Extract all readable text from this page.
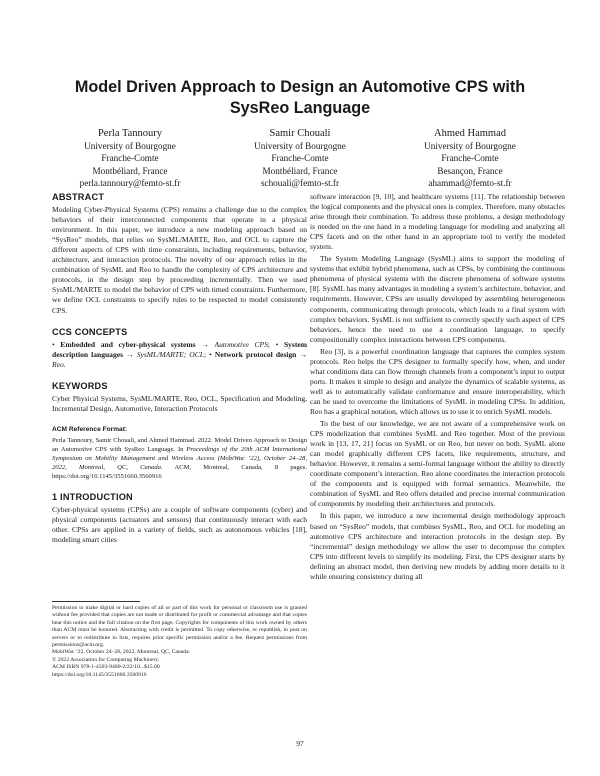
Model Driven Approach to Design an Automotive CPS with
SysReo Language
Perla Tannoury
University of Bourgogne
Franche-Comte
Montbéliard, France
perla.tannoury@femto-st.fr
Samir Chouali
University of Bourgogne
Franche-Comte
Montbéliard, France
schouali@femto-st.fr
Ahmed Hammad
University of Bourgogne
Franche-Comte
Besançon, France
ahammad@femto-st.fr
ABSTRACT

Modeling Cyber-Physical Systems (CPS) remains a challenge due to the complex behaviors of their interconnected components that operate in a physical environment. In this paper, we introduce a new modeling approach based on “SysReo” models, that relies on SysML/MARTE, Reo, and OCL to capture the different aspects of CPS with time constraints, including requirements, behavior, architecture, and interaction protocols. The novelty of our approach relies in the combination of SysML and Reo to handle the complexity of CPS architecture and protocols, in the design step by proceeding incrementally. Then we used SysML/MARTE to model the behavior of CPS with timed constraints. Furthermore, we define OCL constraints to specify rules to be respected to model consistently CPS.

CCS CONCEPTS

• Embedded and cyber-physical systems → Automotive CPS; • System description languages → SysML/MARTE; OCL; • Network protocol design → Reo.

KEYWORDS

Cyber Physical Systems, SysML/MARTE, Reo, OCL, Specification and Modeling, Incremental Design, Automotive, Interaction Protocols

ACM Reference Format:

Perla Tannoury, Samir Chouali, and Ahmed Hammad. 2022. Model Driven Approach to Design an Automotive CPS with SysReo Language. In Proceedings of the 20th ACM International Symposium on Mobility Management and Wireless Access (MobiWac ’22), October 24–28, 2022, Montreal, QC, Canada. ACM, Montreal, Canada, 8 pages. https://doi.org/10.1145/3551660.3560916

1 INTRODUCTION

Cyber-physical systems (CPSs) are a couple of software components (cyber) and physical components (actuators and sensors) that continuously interact with each other. CPSs are applied in a variety of fields, such as autonomous vehicles [18], modeling smart cities

Permission to make digital or hard copies of all or part of this work for personal or classroom use is granted without fee provided that copies are not made or distributed for profit or commercial advantage and that copies bear this notice and the full citation on the first page. Copyrights for components of this work owned by others than ACM must be honored. Abstracting with credit is permitted. To copy otherwise, or republish, to post on servers or to redistribute to lists, requires prior specific permission and/or a fee. Request permissions from permissions@acm.org.

MobiWac ’22, October 24–28, 2022, Montreal, QC, Canada.

© 2022 Association for Computing Machinery.

ACM ISBN 978-1-4503-9480-2/22/10...$15.00

https://doi.org/10.1145/3551660.3560916

software interaction [9, 10], and healthcare systems [11]. The relationship between the logical components and the physical ones is complex. Therefore, many obstacles arise through their combination. To address these problems, a design methodology is needed on the one hand in a modeling language for modeling and analyzing all CPS facets and on the other hand in an appropriate tool to verify the modeled system.

The System Modeling Language (SysML) aims to support the modeling of systems that exhibit hybrid phenomena, such as CPSs, by combining the continuous phenomena of physical systems with the discrete phenomena of software systems [8]. SysML has many advantages in modeling a system’s architecture, behavior, and requirements. However, CPSs are usually developed by assembling heterogeneous components, communicating through protocols, which leads to a final system with complex behaviors. SysML is not sufficient to correctly specify such aspect of CPS behaviors, hence the need to use a coordination language, to specify compositionally complex interactions between CPS components.

Reo [3], is a powerful coordination language that captures the complex system protocols. Reo helps the CPS designer to formally specify how, when, and under what conditions data can flow through channels from a component’s input to output ports. It makes it simple to design and analyze the dynamics of scalable systems, as well as to automatically validate conformance and ensure interoperability, which can be used to overcome the limitations of SysML in modeling CPSs. In addition, Reo has a graphical notation, which allows us to use it to enrich SysML models.

To the best of our knowledge, we are not aware of a comprehensive work on CPS modelization that combines SysML and Reo together. Most of the previous work in [13, 17, 21] focus on SysML or on Reo, but never on both. SysML alone can model graphically different CPS facets, like requirements, structure, and behavior. However, it remains a semi-formal language without the ability to directly coordinate component’s interaction. Reo alone coordinates the interaction protocols of the components and is equipped with formal semantics. Meanwhile, the combination of SysML and Reo offers detailed and precise internal communication of components by modeling their architectures and protocols.

In this paper, we introduce a new incremental design methodology approach based on “SysReo” models, that combines SysML, Reo, and OCL for modeling an automotive CPS architecture and interaction protocols in the design step. By “incremental” design methodology we allow the user to decompose the complex CPS into different levels to simplify its modeling. First, the CPS designer starts by defining an abstract model, then deriving new models by adding more details to it while ensuring consistency during all

97
